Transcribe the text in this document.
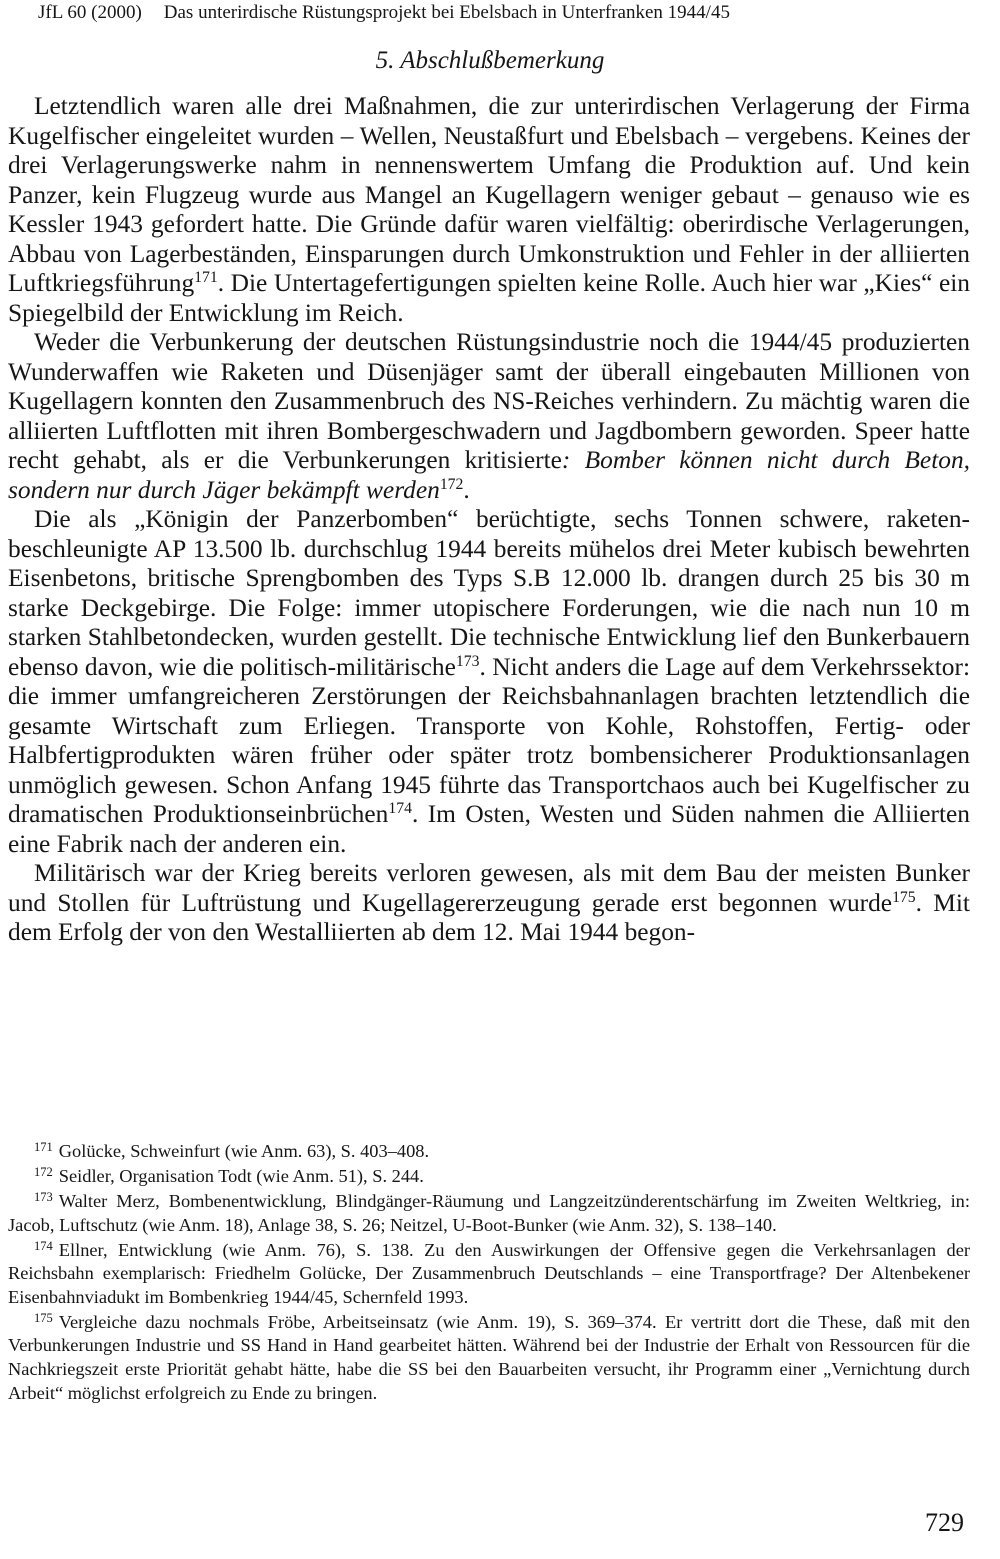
JfL 60 (2000) Das unterirdische Rüstungsprojekt bei Ebelsbach in Unterfranken 1944/45
5. Abschlußbemerkung

Letztendlich waren alle drei Maßnahmen, die zur unterirdischen Verlagerung der Firma Kugelfischer eingeleitet wurden – Wellen, Neustaßfurt und Ebelsbach – vergebens. Keines der drei Verlagerungswerke nahm in nennenswertem Umfang die Produktion auf. Und kein Panzer, kein Flugzeug wurde aus Mangel an Kugellagern weniger gebaut – genauso wie es Kessler 1943 gefordert hatte. Die Gründe dafür waren vielfältig: oberirdische Verlagerungen, Abbau von Lagerbeständen, Einsparungen durch Umkonstruktion und Fehler in der alliierten Luftkriegsführung$^{171}$. Die Untertagefertigungen spielten keine Rolle. Auch hier war „Kies“ ein Spiegelbild der Entwicklung im Reich.

Weder die Verbunkerung der deutschen Rüstungsindustrie noch die 1944/45 produzierten Wunderwaffen wie Raketen und Düsenjäger samt der überall eingebauten Millionen von Kugellagern konnten den Zusammenbruch des NS-Reiches verhindern. Zu mächtig waren die alliierten Luftflotten mit ihren Bombergeschwadern und Jagdbombern geworden. Speer hatte recht gehabt, als er die Verbunkerungen kritisierte: Bomber können nicht durch Beton, sondern nur durch Jäger bekämpft werden$^{172}$.

Die als „Königin der Panzerbomben“ berüchtigte, sechs Tonnen schwere, raketenbeschleunigte AP 13.500 lb. durchschlug 1944 bereits mühelos drei Meter kubisch bewehrten Eisenbetons, britische Sprengbomben des Typs S.B 12.000 lb. drangen durch 25 bis 30 m starke Deckgebirge. Die Folge: immer utopischere Forderungen, wie die nach nun 10 m starken Stahlbetondecken, wurden gestellt. Die technische Entwicklung lief den Bunkerbauern ebenso davon, wie die politisch-militärische$^{173}$. Nicht anders die Lage auf dem Verkehrssektor: die immer umfangreicheren Zerstörungen der Reichsbahnanlagen brachten letztendlich die gesamte Wirtschaft zum Erliegen. Transporte von Kohle, Rohstoffen, Fertig- oder Halbfertigprodukten wären früher oder später trotz bombensicherer Produktionsanlagen unmöglich gewesen. Schon Anfang 1945 führte das Transportchaos auch bei Kugelfischer zu dramatischen Produktionseinbrüchen$^{174}$. Im Osten, Westen und Süden nahmen die Alliierten eine Fabrik nach der anderen ein.

Militärisch war der Krieg bereits verloren gewesen, als mit dem Bau der meisten Bunker und Stollen für Luftrüstung und Kugellagererzeugung gerade erst begonnen wurde$^{175}$. Mit dem Erfolg der von den Westalliierten ab dem 12. Mai 1944 begon-

$^{171}$ Golücke, Schweinfurt (wie Anm. 63), S. 403–408.

$^{172}$ Seidler, Organisation Todt (wie Anm. 51), S. 244.

$^{173}$ Walter Merz, Bombenentwicklung, Blindgänger-Räumung und Langzeitzünderentschärfung im Zweiten Weltkrieg, in: Jacob, Luftschutz (wie Anm. 18), Anlage 38, S. 26; Neitzel, U-Boot-Bunker (wie Anm. 32), S. 138–140.

$^{174}$ Ellner, Entwicklung (wie Anm. 76), S. 138. Zu den Auswirkungen der Offensive gegen die Verkehrsanlagen der Reichsbahn exemplarisch: Friedhelm Golücke, Der Zusammenbruch Deutschlands – eine Transportfrage? Der Altenbekener Eisenbahnviadukt im Bombenkrieg 1944/45, Schernfeld 1993.

$^{175}$ Vergleiche dazu nochmals Fröbe, Arbeitseinsatz (wie Anm. 19), S. 369–374. Er vertritt dort die These, daß mit den Verbunkerungen Industrie und SS Hand in Hand gearbeitet hätten. Während bei der Industrie der Erhalt von Ressourcen für die Nachkriegszeit erste Priorität gehabt hätte, habe die SS bei den Bauarbeiten versucht, ihr Programm einer „Vernichtung durch Arbeit“ möglichst erfolgreich zu Ende zu bringen.

729
